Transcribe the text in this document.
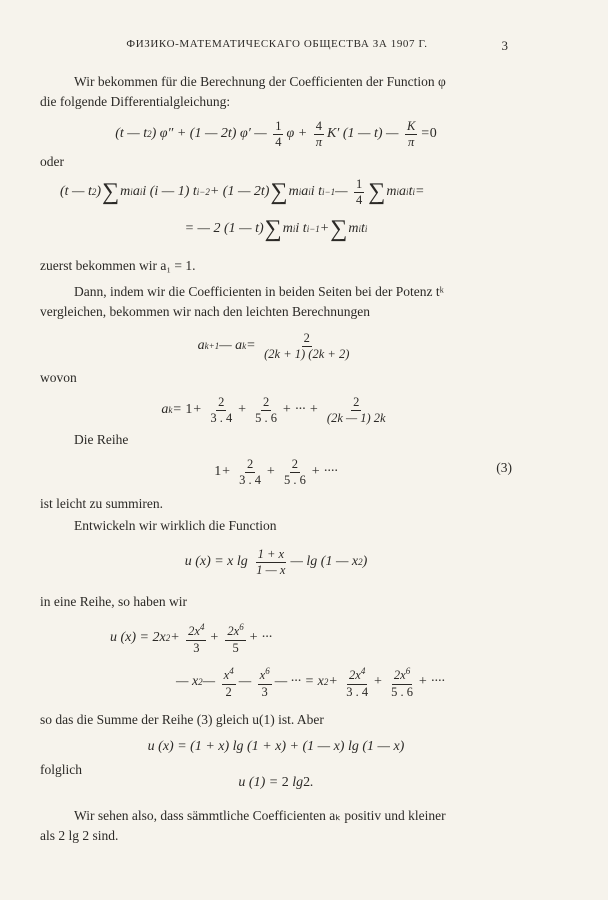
ФИЗИКО-МАТЕМАТИЧЕСКАГО ОБЩЕСТВА ЗА 1907 Г.	3
Wir bekommen für die Berechnung der Coefficienten der Function φ
die folgende Differentialgleichung:
(t — t 2 ) φ″ + (1 — 2t) φ′ — $\frac{1}{4}$ $\varphi + \frac{4}{\pi} K'$ (1 — t) — $\frac{K}{\pi} = 0$
oder
(t — t 2 ) ∑ m i a i i (i — 1) t i−2 + (1 — 2t) ∑ m i a i i t i−1 — $\frac{1}{4}$ ∑ m i a i t i =
= — 2 (1 — t) ∑ m i i t i−1 + ∑ m i t i
zuerst bekommen wir a₁ = 1.
Dann, indem wir die Coefficienten in beiden Seiten bei der Potenz tᵏ
vergleichen, bekommen wir nach den leichten Berechnungen
a k+1 — a $k = \frac{2}{(2k + 1) (2k + 2)}$
wovon
a $k = 1 + \frac{2}{3 . 4} + \frac{2}{5 . 6}$ + ··· + $\frac{2}{(2k — 1) 2k}$
Die Reihe
$1 + \frac{2}{3 . 4} + \frac{2}{5 . 6}$ + ····	(3)
ist leicht zu summiren.
Entwickeln wir wirklich die Function
u (x) = x $\lg \frac{1 + x}{1 — x}$ — lg (1 — x 2 )
in eine Reihe, so haben wir
u (x) = 2x $2 + \frac{2x^4}{3} + \frac{2x^6}{5}$ + ···
— x 2 — $\frac{x^4}{2}$ — $\frac{x^6}{3}$ — ··· = x $2 + \frac{2x^4}{3 . 4} + \frac{2x^6}{5 . 6}$ + ····
so das die Summe der Reihe (3) gleich u(1) ist. Aber
u (x) = (1 + x) lg (1 + x) + (1 — x) lg (1 — x)
folglich
u (1) = 2 lg 2 .
Wir sehen also, dass sämmtliche Coefficienten aₖ positiv und kleiner
als 2 lg 2 sind.
